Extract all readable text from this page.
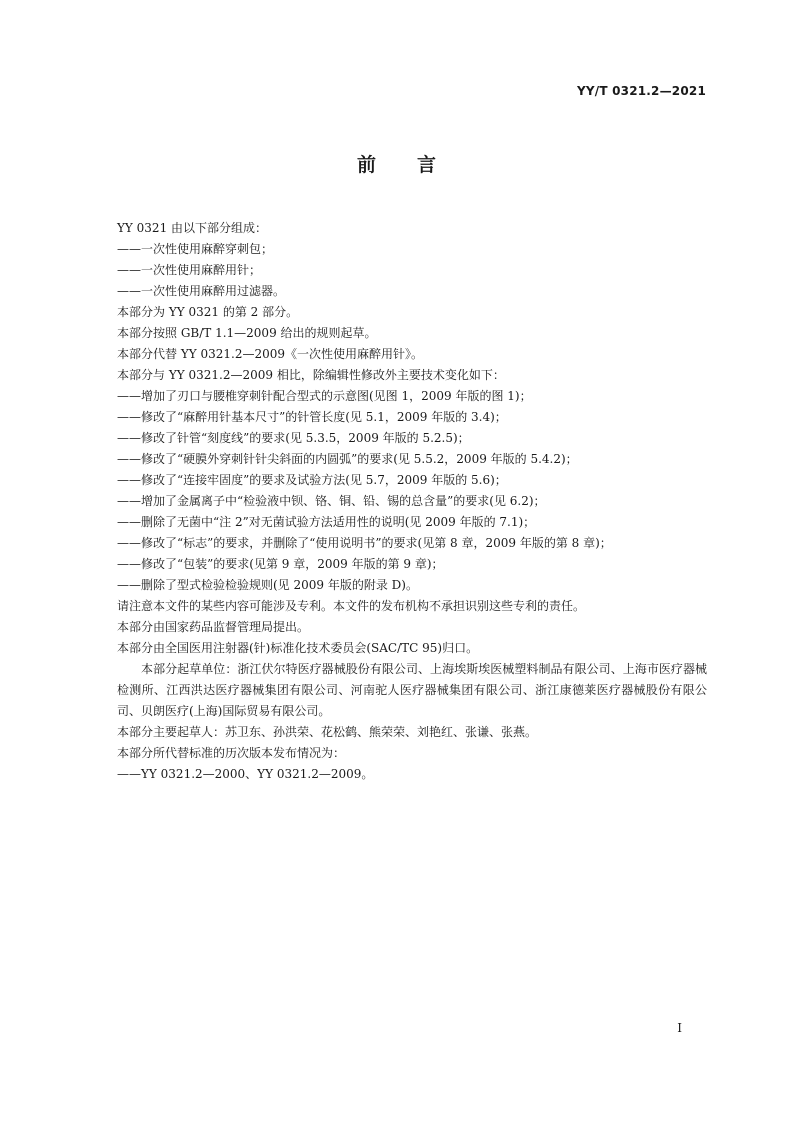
YY/T 0321.2—2021
前 言

YY 0321 由以下部分组成：

——一次性使用麻醉穿刺包；

——一次性使用麻醉用针；

——一次性使用麻醉用过滤器。

本部分为 YY 0321 的第 2 部分。

本部分按照 GB/T 1.1—2009 给出的规则起草。

本部分代替 YY 0321.2—2009《一次性使用麻醉用针》。

本部分与 YY 0321.2—2009 相比，除编辑性修改外主要技术变化如下：

——增加了刃口与腰椎穿刺针配合型式的示意图(见图 1，2009 年版的图 1)；

——修改了“麻醉用针基本尺寸”的针管长度(见 5.1，2009 年版的 3.4)；

——修改了针管“刻度线”的要求(见 5.3.5，2009 年版的 5.2.5)；

——修改了“硬膜外穿刺针针尖斜面的内圆弧”的要求(见 5.5.2，2009 年版的 5.4.2)；

——修改了“连接牢固度”的要求及试验方法(见 5.7，2009 年版的 5.6)；

——增加了金属离子中“检验液中钡、铬、铜、铅、锡的总含量”的要求(见 6.2)；

——删除了无菌中“注 2”对无菌试验方法适用性的说明(见 2009 年版的 7.1)；

——修改了“标志”的要求，并删除了“使用说明书”的要求(见第 8 章，2009 年版的第 8 章)；

——修改了“包装”的要求(见第 9 章，2009 年版的第 9 章)；

——删除了型式检验检验规则(见 2009 年版的附录 D)。

请注意本文件的某些内容可能涉及专利。本文件的发布机构不承担识别这些专利的责任。

本部分由国家药品监督管理局提出。

本部分由全国医用注射器(针)标准化技术委员会(SAC/TC 95)归口。

本部分起草单位：浙江伏尔特医疗器械股份有限公司、上海埃斯埃医械塑料制品有限公司、上海市医疗器械检测所、江西洪达医疗器械集团有限公司、河南驼人医疗器械集团有限公司、浙江康德莱医疗器械股份有限公司、贝朗医疗(上海)国际贸易有限公司。

本部分主要起草人：苏卫东、孙洪荣、花松鹤、熊荣荣、刘艳红、张谦、张燕。

本部分所代替标准的历次版本发布情况为：

——YY 0321.2—2000、YY 0321.2—2009。

I
